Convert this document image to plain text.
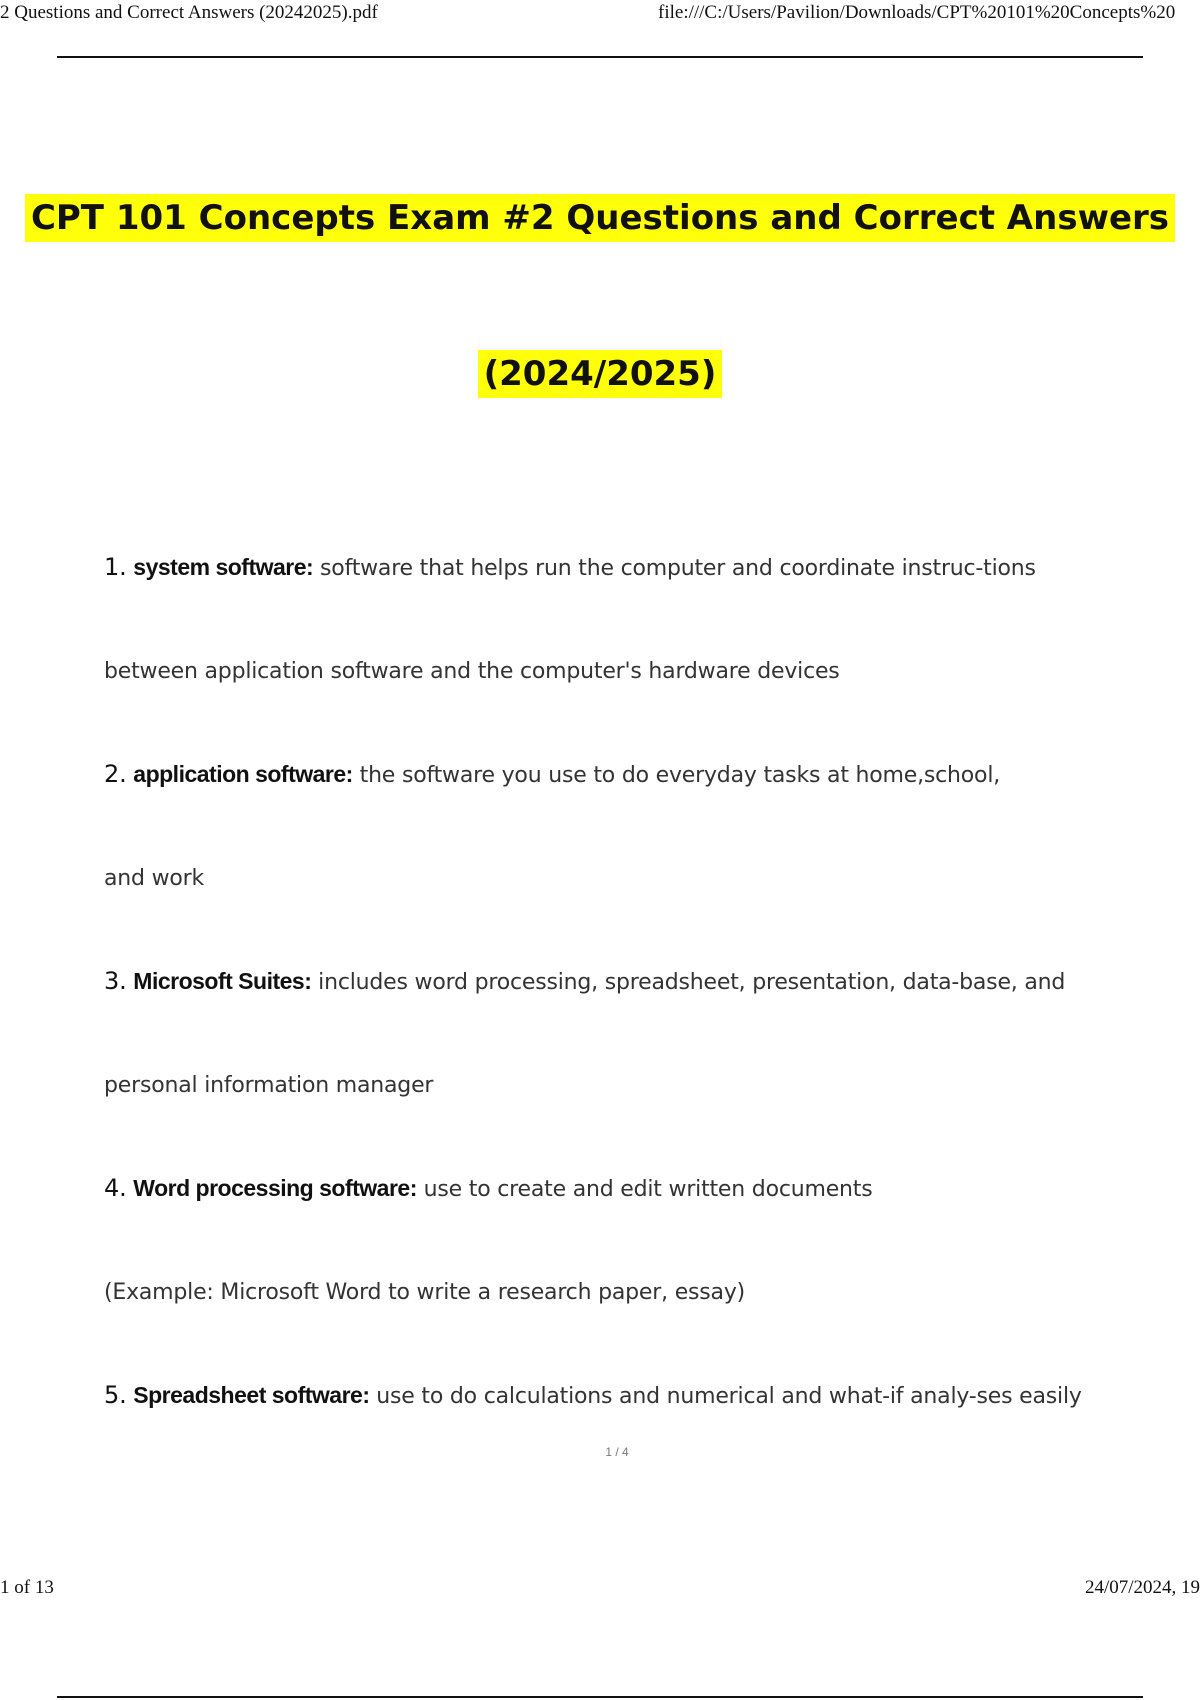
2 Questions and Correct Answers (20242025).pdf	file:///C:/Users/Pavilion/Downloads/CPT%20101%20Concepts%20
CPT 101 Concepts Exam #2 Questions and Correct Answers
(2024/2025)
1. system software: software that helps run the computer and coordinate instruc-tions
between application software and the computer's hardware devices
2. application software: the software you use to do everyday tasks at home,school,
and work
3. Microsoft Suites: includes word processing, spreadsheet, presentation, data-base, and
personal information manager
4. Word processing software: use to create and edit written documents
(Example: Microsoft Word to write a research paper, essay)
5. Spreadsheet software: use to do calculations and numerical and what-if analy-ses easily
1 / 4
1 of 13	24/07/2024, 19
